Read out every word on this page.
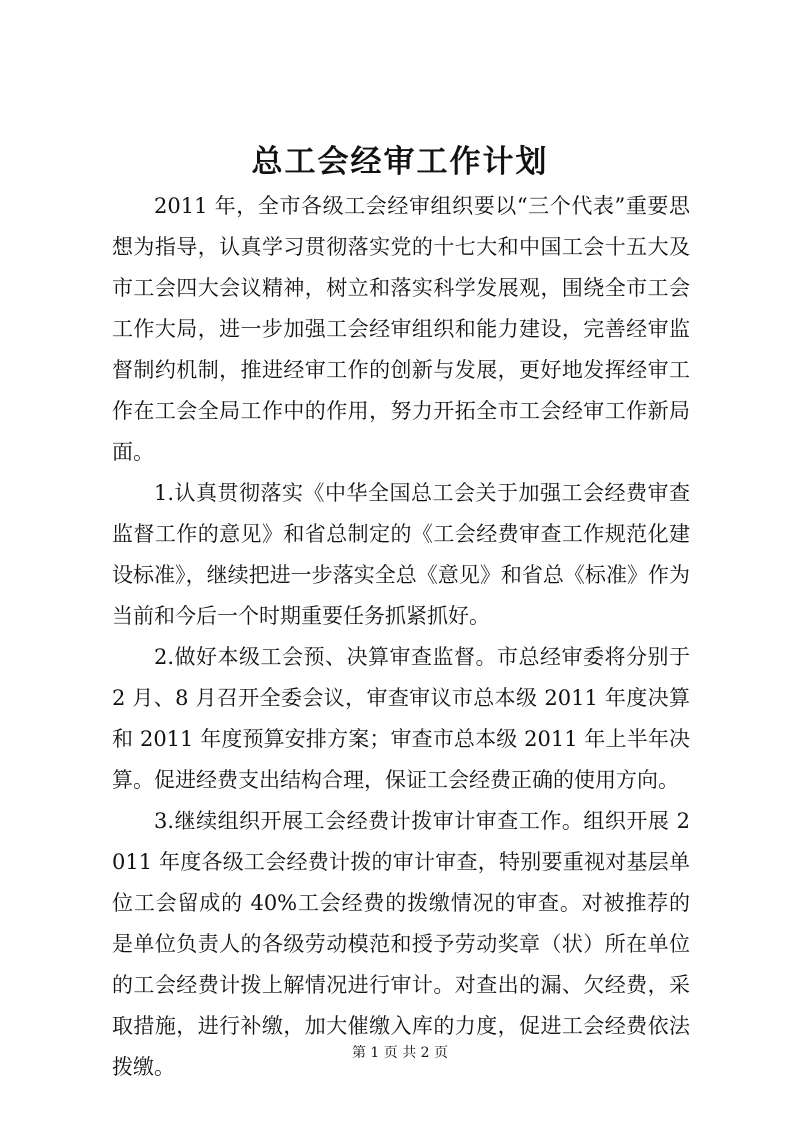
总工会经审工作计划

2011 年，全市各级工会经审组织要以“三个代表”重要思想为指导，认真学习贯彻落实党的十七大和中国工会十五大及市工会四大会议精神，树立和落实科学发展观，围绕全市工会工作大局，进一步加强工会经审组织和能力建设，完善经审监督制约机制，推进经审工作的创新与发展，更好地发挥经审工作在工会全局工作中的作用，努力开拓全市工会经审工作新局面。

1.认真贯彻落实《中华全国总工会关于加强工会经费审查监督工作的意见》和省总制定的《工会经费审查工作规范化建设标准》，继续把进一步落实全总《意见》和省总《标准》作为当前和今后一个时期重要任务抓紧抓好。

2.做好本级工会预、决算审查监督。市总经审委将分别于 2 月、8 月召开全委会议，审查审议市总本级 2011 年度决算和 2011 年度预算安排方案；审查市总本级 2011 年上半年决算。促进经费支出结构合理，保证工会经费正确的使用方向。

3.继续组织开展工会经费计拨审计审查工作。组织开展 2011 年度各级工会经费计拨的审计审查，特别要重视对基层单位工会留成的 40%工会经费的拨缴情况的审查。对被推荐的是单位负责人的各级劳动模范和授予劳动奖章（状）所在单位的工会经费计拨上解情况进行审计。对查出的漏、欠经费，采取措施，进行补缴，加大催缴入库的力度，促进工会经费依法拨缴。

第 1 页 共 2 页
